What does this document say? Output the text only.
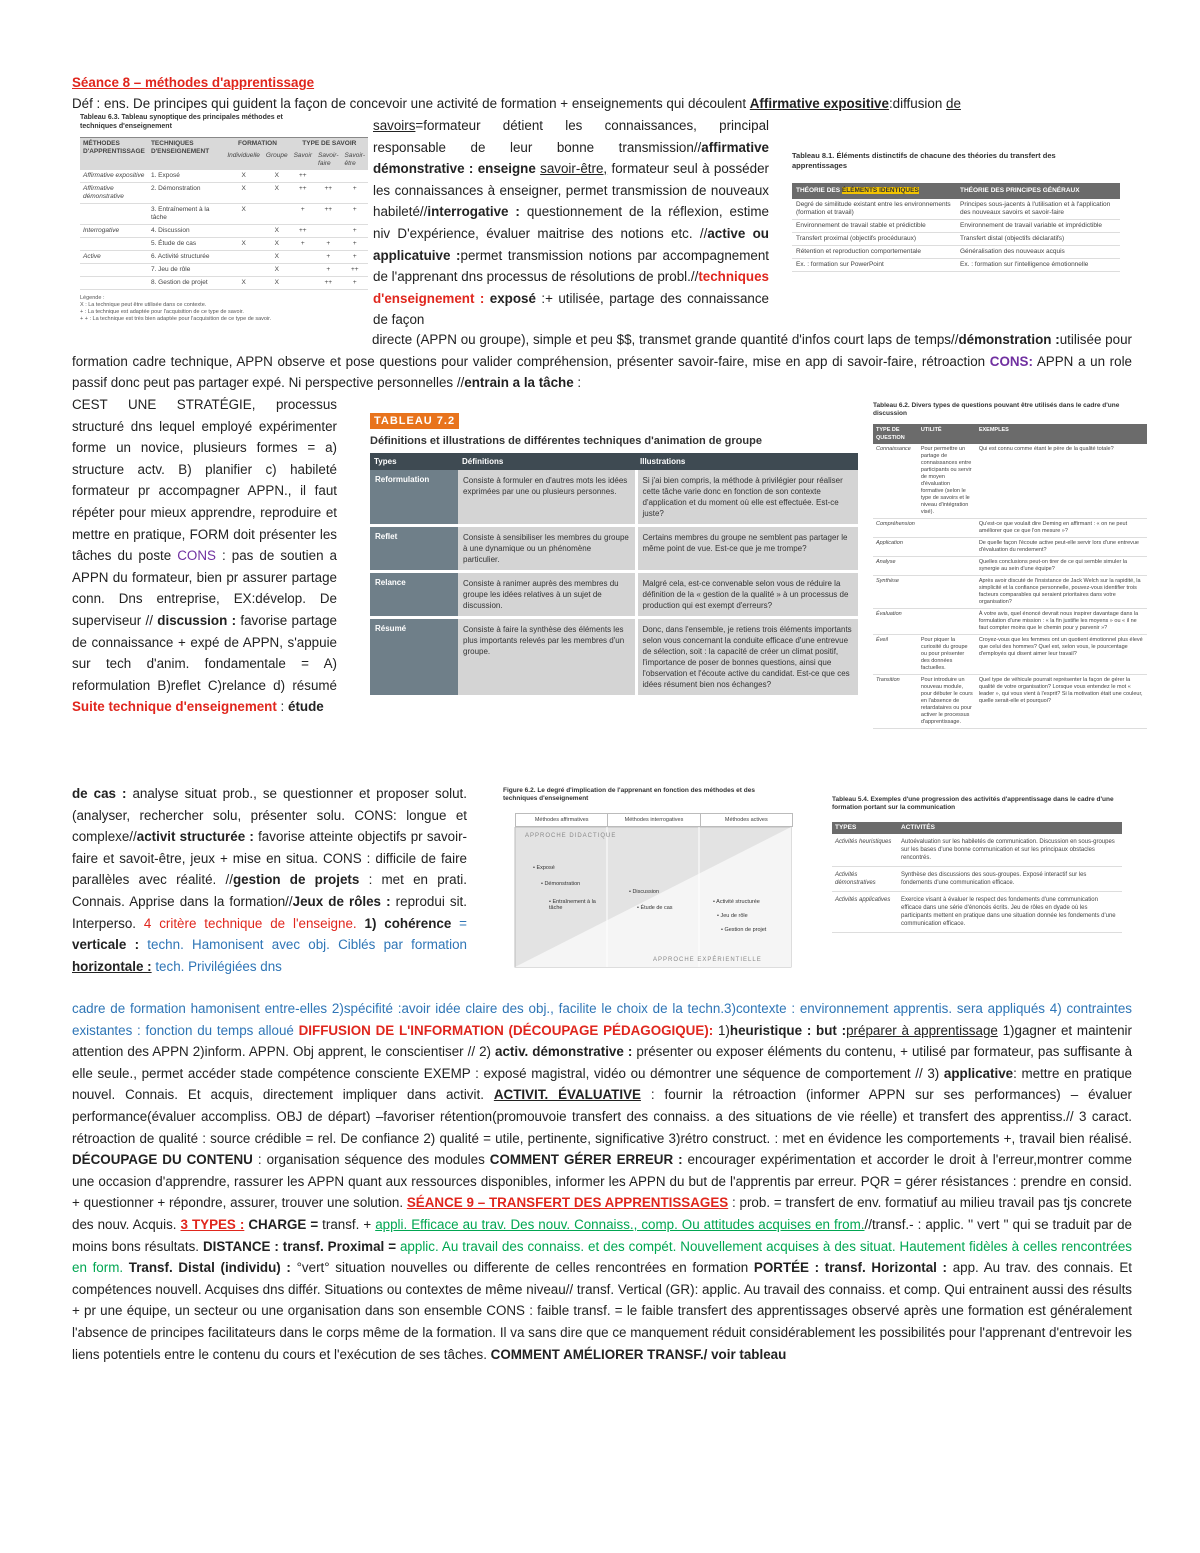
Séance 8 – méthodes d'apprentissage
Déf : ens. De principes qui guident la façon de concevoir une activité de formation + enseignements qui découlent Affirmative expositive:diffusion de

savoirs=formateur détient les connaissances, principal responsable de leur bonne transmission//affirmative démonstrative : enseigne savoir-être, formateur seul à posséder les connaissances à enseigner, permet transmission de nouveaux habileté//interrogative : questionnement de la réflexion, estime niv D'expérience, évaluer maitrise des notions etc. //active ou applicatuive :permet transmission notions par accompagnement de l'apprenant dns processus de résolutions de probl.//techniques d'enseignement : exposé :+ utilisée, partage des connaissance de façon

directe (APPN ou groupe), simple et peu $$, transmet grande quantité d'infos court laps de temps//démonstration :utilisée pour formation cadre technique, APPN observe et pose questions pour valider compréhension, présenter savoir-faire, mise en app di savoir-faire, rétroaction CONS: APPN a un role passif donc peut pas partager expé. Ni perspective personnelles //entrain a la tâche :

CEST UNE STRATÉGIE, processus structuré dns lequel employé expérimenter forme un novice, plusieurs formes = a) structure actv. B) planifier c) habileté formateur pr accompagner APPN., il faut répéter pour mieux apprendre, reproduire et mettre en pratique, FORM doit présenter les tâches du poste CONS : pas de soutien a APPN du formateur, bien pr assurer partage conn. Dns entreprise, EX:dévelop. De superviseur // discussion : favorise partage de connaissance + expé de APPN, s'appuie sur tech d'anim. fondamentale = A) reformulation B)reflet C)relance d) résumé Suite technique d'enseignement : étude

de cas : analyse situat prob., se questionner et proposer solut.(analyser, rechercher solu, présenter solu. CONS: longue et complexe//activit structurée : favorise atteinte objectifs pr savoir-faire et savoit-être, jeux + mise en situa. CONS : difficile de faire parallèles avec réalité. //gestion de projets : met en prati. Connais. Apprise dans la formation//Jeux de rôles : reprodui sit. Interperso. 4 critère technique de l'enseigne. 1) cohérence = verticale : techn. Hamonisent avec obj. Ciblés par formation horizontale : tech. Privilégiées dns

cadre de formation hamonisent entre-elles 2)spécifité :avoir idée claire des obj., facilite le choix de la techn.3)contexte : environnement apprentis. sera appliqués 4) contraintes existantes : fonction du temps alloué DIFFUSION DE L'INFORMATION (DÉCOUPAGE PÉDAGOGIQUE): 1)heuristique : but :préparer à apprentissage 1)gagner et maintenir attention des APPN 2)inform. APPN. Obj apprent, le conscientiser // 2) activ. démonstrative : présenter ou exposer éléments du contenu, + utilisé par formateur, pas suffisante à elle seule., permet accéder stade compétence consciente EXEMP : exposé magistral, vidéo ou démontrer une séquence de comportement // 3) applicative: mettre en pratique nouvel. Connais. Et acquis, directement impliquer dans activit. ACTIVIT. ÉVALUATIVE : fournir la rétroaction (informer APPN sur ses performances) – évaluer performance(évaluer accompliss. OBJ de départ) –favoriser rétention(promouvoie transfert des connaiss. a des situations de vie réelle) et transfert des apprentiss.// 3 caract. rétroaction de qualité : source crédible = rel. De confiance 2) qualité = utile, pertinente, significative 3)rétro construct. : met en évidence les comportements +, travail bien réalisé. DÉCOUPAGE DU CONTENU : organisation séquence des modules COMMENT GÉRER ERREUR : encourager expérimentation et accorder le droit à l'erreur,montrer comme une occasion d'apprendre, rassurer les APPN quant aux ressources disponibles, informer les APPN du but de l'apprentis par erreur. PQR = gérer résistances : prendre en consid. + questionner + répondre, assurer, trouver une solution. SÉANCE 9 – TRANSFERT DES APPRENTISSAGES : prob. = transfert de env. formatiuf au milieu travail pas tjs concrete des nouv. Acquis. 3 TYPES : CHARGE = transf. + appli. Efficace au trav. Des nouv. Connaiss., comp. Ou attitudes acquises en from.//transf.- : applic. '' vert '' qui se traduit par de moins bons résultats. DISTANCE : transf. Proximal = applic. Au travail des connaiss. et des compét. Nouvellement acquises à des situat. Hautement fidèles à celles rencontrées en form. Transf. Distal (individu) : °vert° situation nouvelles ou differente de celles rencontrées en formation PORTÉE : transf. Horizontal : app. Au trav. des connais. Et compétences nouvell. Acquises dns différ. Situations ou contextes de même niveau// transf. Vertical (GR): applic. Au travail des connaiss. et comp. Qui entrainent aussi des résults + pr une équipe, un secteur ou une organisation dans son ensemble CONS : faible transf. = le faible transfert des apprentissages observé après une formation est généralement l'absence de principes facilitateurs dans le corps même de la formation. Il va sans dire que ce manquement réduit considérablement les possibilités pour l'apprenant d'entrevoir les liens potentiels entre le contenu du cours et l'exécution de ses tâches. COMMENT AMÉLIORER TRANSF./ voir tableau

Tableau 6.3. Tableau synoptique des principales méthodes et techniques d'enseignement
MÉTHODES D'APPRENTISSAGE	TECHNIQUES D'ENSEIGNEMENT	FORMATION		TYPE DE SAVOIR		
		Individuelle	Groupe	Savoir	Savoir-faire	Savoir-être
Affirmative expositive	1. Exposé	X	X	++		
Affirmative démonstrative	2. Démonstration	X	X	++	++	+
	3. Entraînement à la tâche	X		+	++	+
Interrogative	4. Discussion		X	++		+
	5. Étude de cas	X	X	+	+	+
Active	6. Activité structurée		X		+	+
	7. Jeu de rôle		X		+	++
	8. Gestion de projet	X	X		++	+
Légende :
X : La technique peut être utilisée dans ce contexte.
+ : La technique est adaptée pour l'acquisition de ce type de savoir.
+ + : La technique est très bien adaptée pour l'acquisition de ce type de savoir.
Tableau 8.1. Éléments distinctifs de chacune des théories du transfert des apprentissages
THÉORIE DES ÉLÉMENTS IDENTIQUES	THÉORIE DES PRINCIPES GÉNÉRAUX
Degré de similitude existant entre les environnements (formation et travail)	Principes sous-jacents à l'utilisation et à l'application des nouveaux savoirs et savoir-faire
Environnement de travail stable et prédictible	Environnement de travail variable et imprédictible
Transfert proximal (objectifs procéduraux)	Transfert distal (objectifs déclaratifs)
Rétention et reproduction comportementale	Généralisation des nouveaux acquis
Ex. : formation sur PowerPoint	Ex. : formation sur l'intelligence émotionnelle
TABLEAU 7.2
Définitions et illustrations de différentes techniques d'animation de groupe
Types	Définitions	Illustrations
Reformulation	Consiste à formuler en d'autres mots les idées exprimées par une ou plusieurs personnes.	Si j'ai bien compris, la méthode à privilégier pour réaliser cette tâche varie donc en fonction de son contexte d'application et du moment où elle est effectuée. Est-ce juste?
Reflet	Consiste à sensibiliser les membres du groupe à une dynamique ou un phénomène particulier.	Certains membres du groupe ne semblent pas partager le même point de vue. Est-ce que je me trompe?
Relance	Consiste à ranimer auprès des membres du groupe les idées relatives à un sujet de discussion.	Malgré cela, est-ce convenable selon vous de réduire la définition de la « gestion de la qualité » à un processus de production qui est exempt d'erreurs?
Résumé	Consiste à faire la synthèse des éléments les plus importants relevés par les membres d'un groupe.	Donc, dans l'ensemble, je retiens trois éléments importants selon vous concernant la conduite efficace d'une entrevue de sélection, soit : la capacité de créer un climat positif, l'importance de poser de bonnes questions, ainsi que l'observation et l'écoute active du candidat. Est-ce que ces idées résument bien nos échanges?
Tableau 6.2. Divers types de questions pouvant être utilisés dans le cadre d'une discussion
TYPE DE QUESTION	UTILITÉ	EXEMPLES
Connaissance	Pour permettre un partage de connaissances entre participants ou servir de moyen d'évaluation formative (selon le type de savoirs et le niveau d'intégration visé).	Qui est connu comme étant le père de la qualité totale?
Compréhension		Qu'est-ce que voulait dire Deming en affirmant : « on ne peut améliorer que ce que l'on mesure »?
Application		De quelle façon l'écoute active peut-elle servir lors d'une entrevue d'évaluation du rendement?
Analyse		Quelles conclusions peut-on tirer de ce qui semble simuler la synergie au sein d'une équipe?
Synthèse		Après avoir discuté de l'insistance de Jack Welch sur la rapidité, la simplicité et la confiance personnelle, pouvez-vous identifier trois facteurs comparables qui seraient prioritaires dans votre organisation?
Évaluation		À votre avis, quel énoncé devrait nous inspirer davantage dans la formulation d'une mission : « la fin justifie les moyens » ou « il ne faut compter moins que le chemin pour y parvenir »?
Éveil	Pour piquer la curiosité du groupe ou pour présenter des données factuelles.	Croyez-vous que les femmes ont un quotient émotionnel plus élevé que celui des hommes? Quel est, selon vous, le pourcentage d'employés qui disent aimer leur travail?
Transition	Pour introduire un nouveau module, pour débuter le cours en l'absence de retardataires ou pour activer le processus d'apprentissage.	Quel type de véhicule pourrait représenter la façon de gérer la qualité de votre organisation? Lorsque vous entendez le mot « leader », qui vous vient à l'esprit? Si la motivation était une couleur, quelle serait-elle et pourquoi?
Figure 6.2. Le degré d'implication de l'apprenant en fonction des méthodes et des techniques d'enseignement
Méthodes affirmatives	Méthodes interrogatives	Méthodes actives
APPROCHE DIDACTIQUE
APPROCHE EXPÉRIENTIELLE
• Exposé
• Démonstration
• Entraînement à la tâche
• Discussion
• Étude de cas
• Activité structurée
• Jeu de rôle
• Gestion de projet
Tableau 5.4. Exemples d'une progression des activités d'apprentissage dans le cadre d'une formation portant sur la communication
TYPES	ACTIVITÉS
Activités heuristiques	Autoévaluation sur les habiletés de communication. Discussion en sous-groupes sur les bases d'une bonne communication et sur les principaux obstacles rencontrés.
Activités démonstratives	Synthèse des discussions des sous-groupes. Exposé interactif sur les fondements d'une communication efficace.
Activités applicatives	Exercice visant à évaluer le respect des fondements d'une communication efficace dans une série d'énoncés écrits. Jeu de rôles en dyade où les participants mettent en pratique dans une situation donnée les fondements d'une communication efficace.
